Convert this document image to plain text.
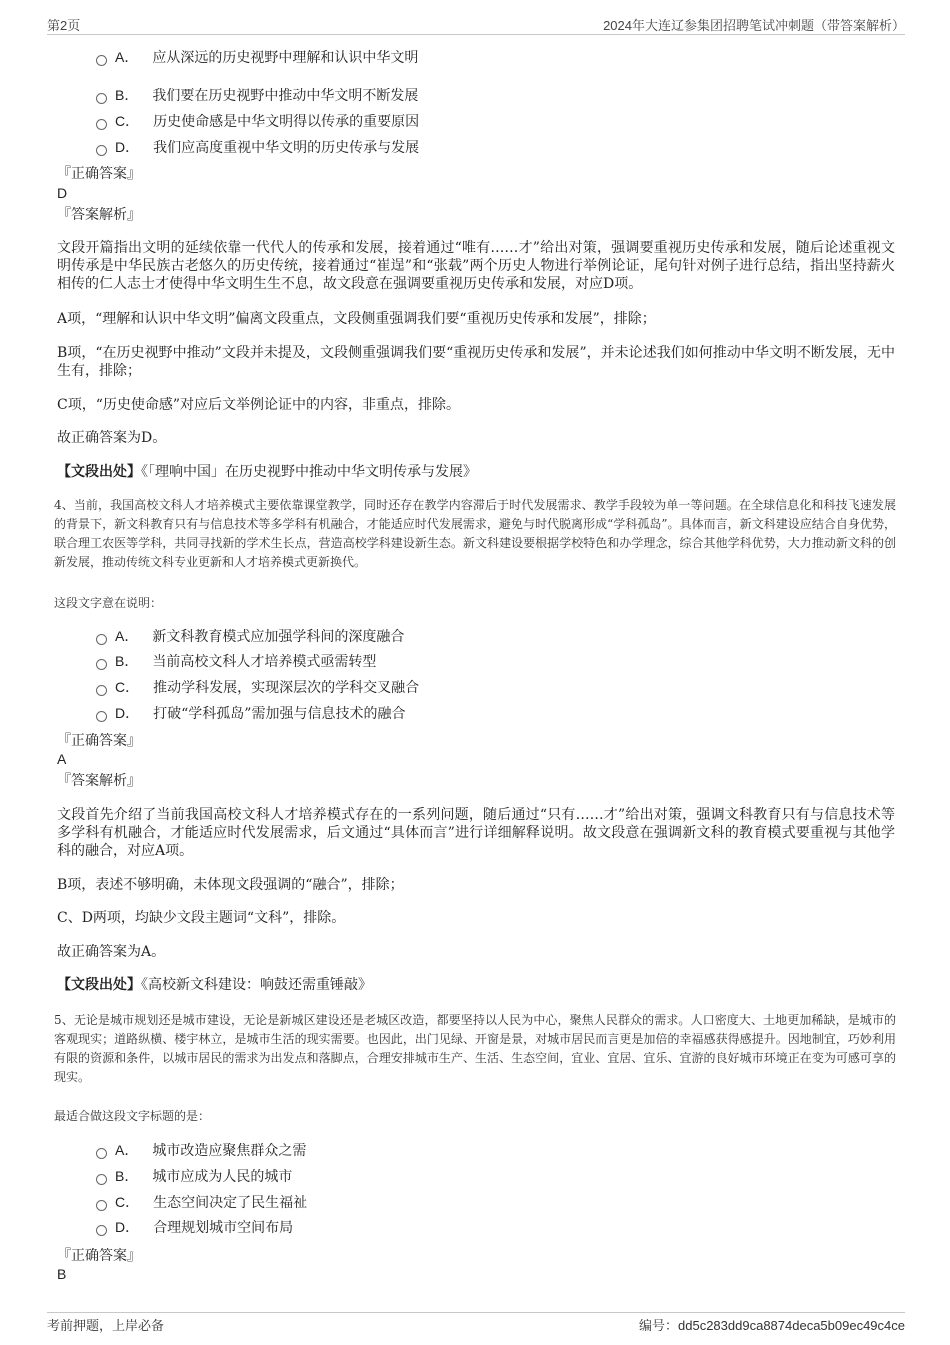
第2页	2024年大连辽参集团招聘笔试冲刺题（带答案解析）
A． 应从深远的历史视野中理解和认识中华文明
B． 我们要在历史视野中推动中华文明不断发展
C． 历史使命感是中华文明得以传承的重要原因
D． 我们应高度重视中华文明的历史传承与发展
『正确答案』
D
『答案解析』
文段开篇指出文明的延续依靠一代代人的传承和发展，接着通过“唯有……才”给出对策，强调要重视历史传承和发展，随后论述重视文明传承是中华民族古老悠久的历史传统，接着通过“崔逞”和“张载”两个历史人物进行举例论证，尾句针对例子进行总结，指出坚持薪火相传的仁人志士才使得中华文明生生不息，故文段意在强调要重视历史传承和发展，对应D项。
A项，“理解和认识中华文明”偏离文段重点，文段侧重强调我们要“重视历史传承和发展”，排除；
B项，“在历史视野中推动”文段并未提及，文段侧重强调我们要“重视历史传承和发展”，并未论述我们如何推动中华文明不断发展，无中生有，排除；
C项，“历史使命感”对应后文举例论证中的内容，非重点，排除。
故正确答案为D。
【文段出处】《「理响中国」在历史视野中推动中华文明传承与发展》
4、当前，我国高校文科人才培养模式主要依靠课堂教学，同时还存在教学内容滞后于时代发展需求、教学手段较为单一等问题。在全球信息化和科技飞速发展的背景下，新文科教育只有与信息技术等多学科有机融合，才能适应时代发展需求，避免与时代脱离形成“学科孤岛”。具体而言，新文科建设应结合自身优势，联合理工农医等学科，共同寻找新的学术生长点，营造高校学科建设新生态。新文科建设要根据学校特色和办学理念，综合其他学科优势，大力推动新文科的创新发展，推动传统文科专业更新和人才培养模式更新换代。
这段文字意在说明：
A． 新文科教育模式应加强学科间的深度融合
B． 当前高校文科人才培养模式亟需转型
C． 推动学科发展，实现深层次的学科交叉融合
D． 打破“学科孤岛”需加强与信息技术的融合
『正确答案』
A
『答案解析』
文段首先介绍了当前我国高校文科人才培养模式存在的一系列问题，随后通过“只有……才”给出对策，强调文科教育只有与信息技术等多学科有机融合，才能适应时代发展需求，后文通过“具体而言”进行详细解释说明。故文段意在强调新文科的教育模式要重视与其他学科的融合，对应A项。
B项，表述不够明确，未体现文段强调的“融合”，排除；
C、D两项，均缺少文段主题词“文科”，排除。
故正确答案为A。
【文段出处】《高校新文科建设：响鼓还需重锤敲》
5、无论是城市规划还是城市建设，无论是新城区建设还是老城区改造，都要坚持以人民为中心，聚焦人民群众的需求。人口密度大、土地更加稀缺，是城市的客观现实；道路纵横、楼宇林立，是城市生活的现实需要。也因此，出门见绿、开窗是景，对城市居民而言更是加倍的幸福感获得感提升。因地制宜，巧妙利用有限的资源和条件，以城市居民的需求为出发点和落脚点，合理安排城市生产、生活、生态空间，宜业、宜居、宜乐、宜游的良好城市环境正在变为可感可享的现实。
最适合做这段文字标题的是：
A． 城市改造应聚焦群众之需
B． 城市应成为人民的城市
C． 生态空间决定了民生福祉
D． 合理规划城市空间布局
『正确答案』
B
考前押题，上岸必备	编号：dd5c283dd9ca8874deca5b09ec49c4ce
